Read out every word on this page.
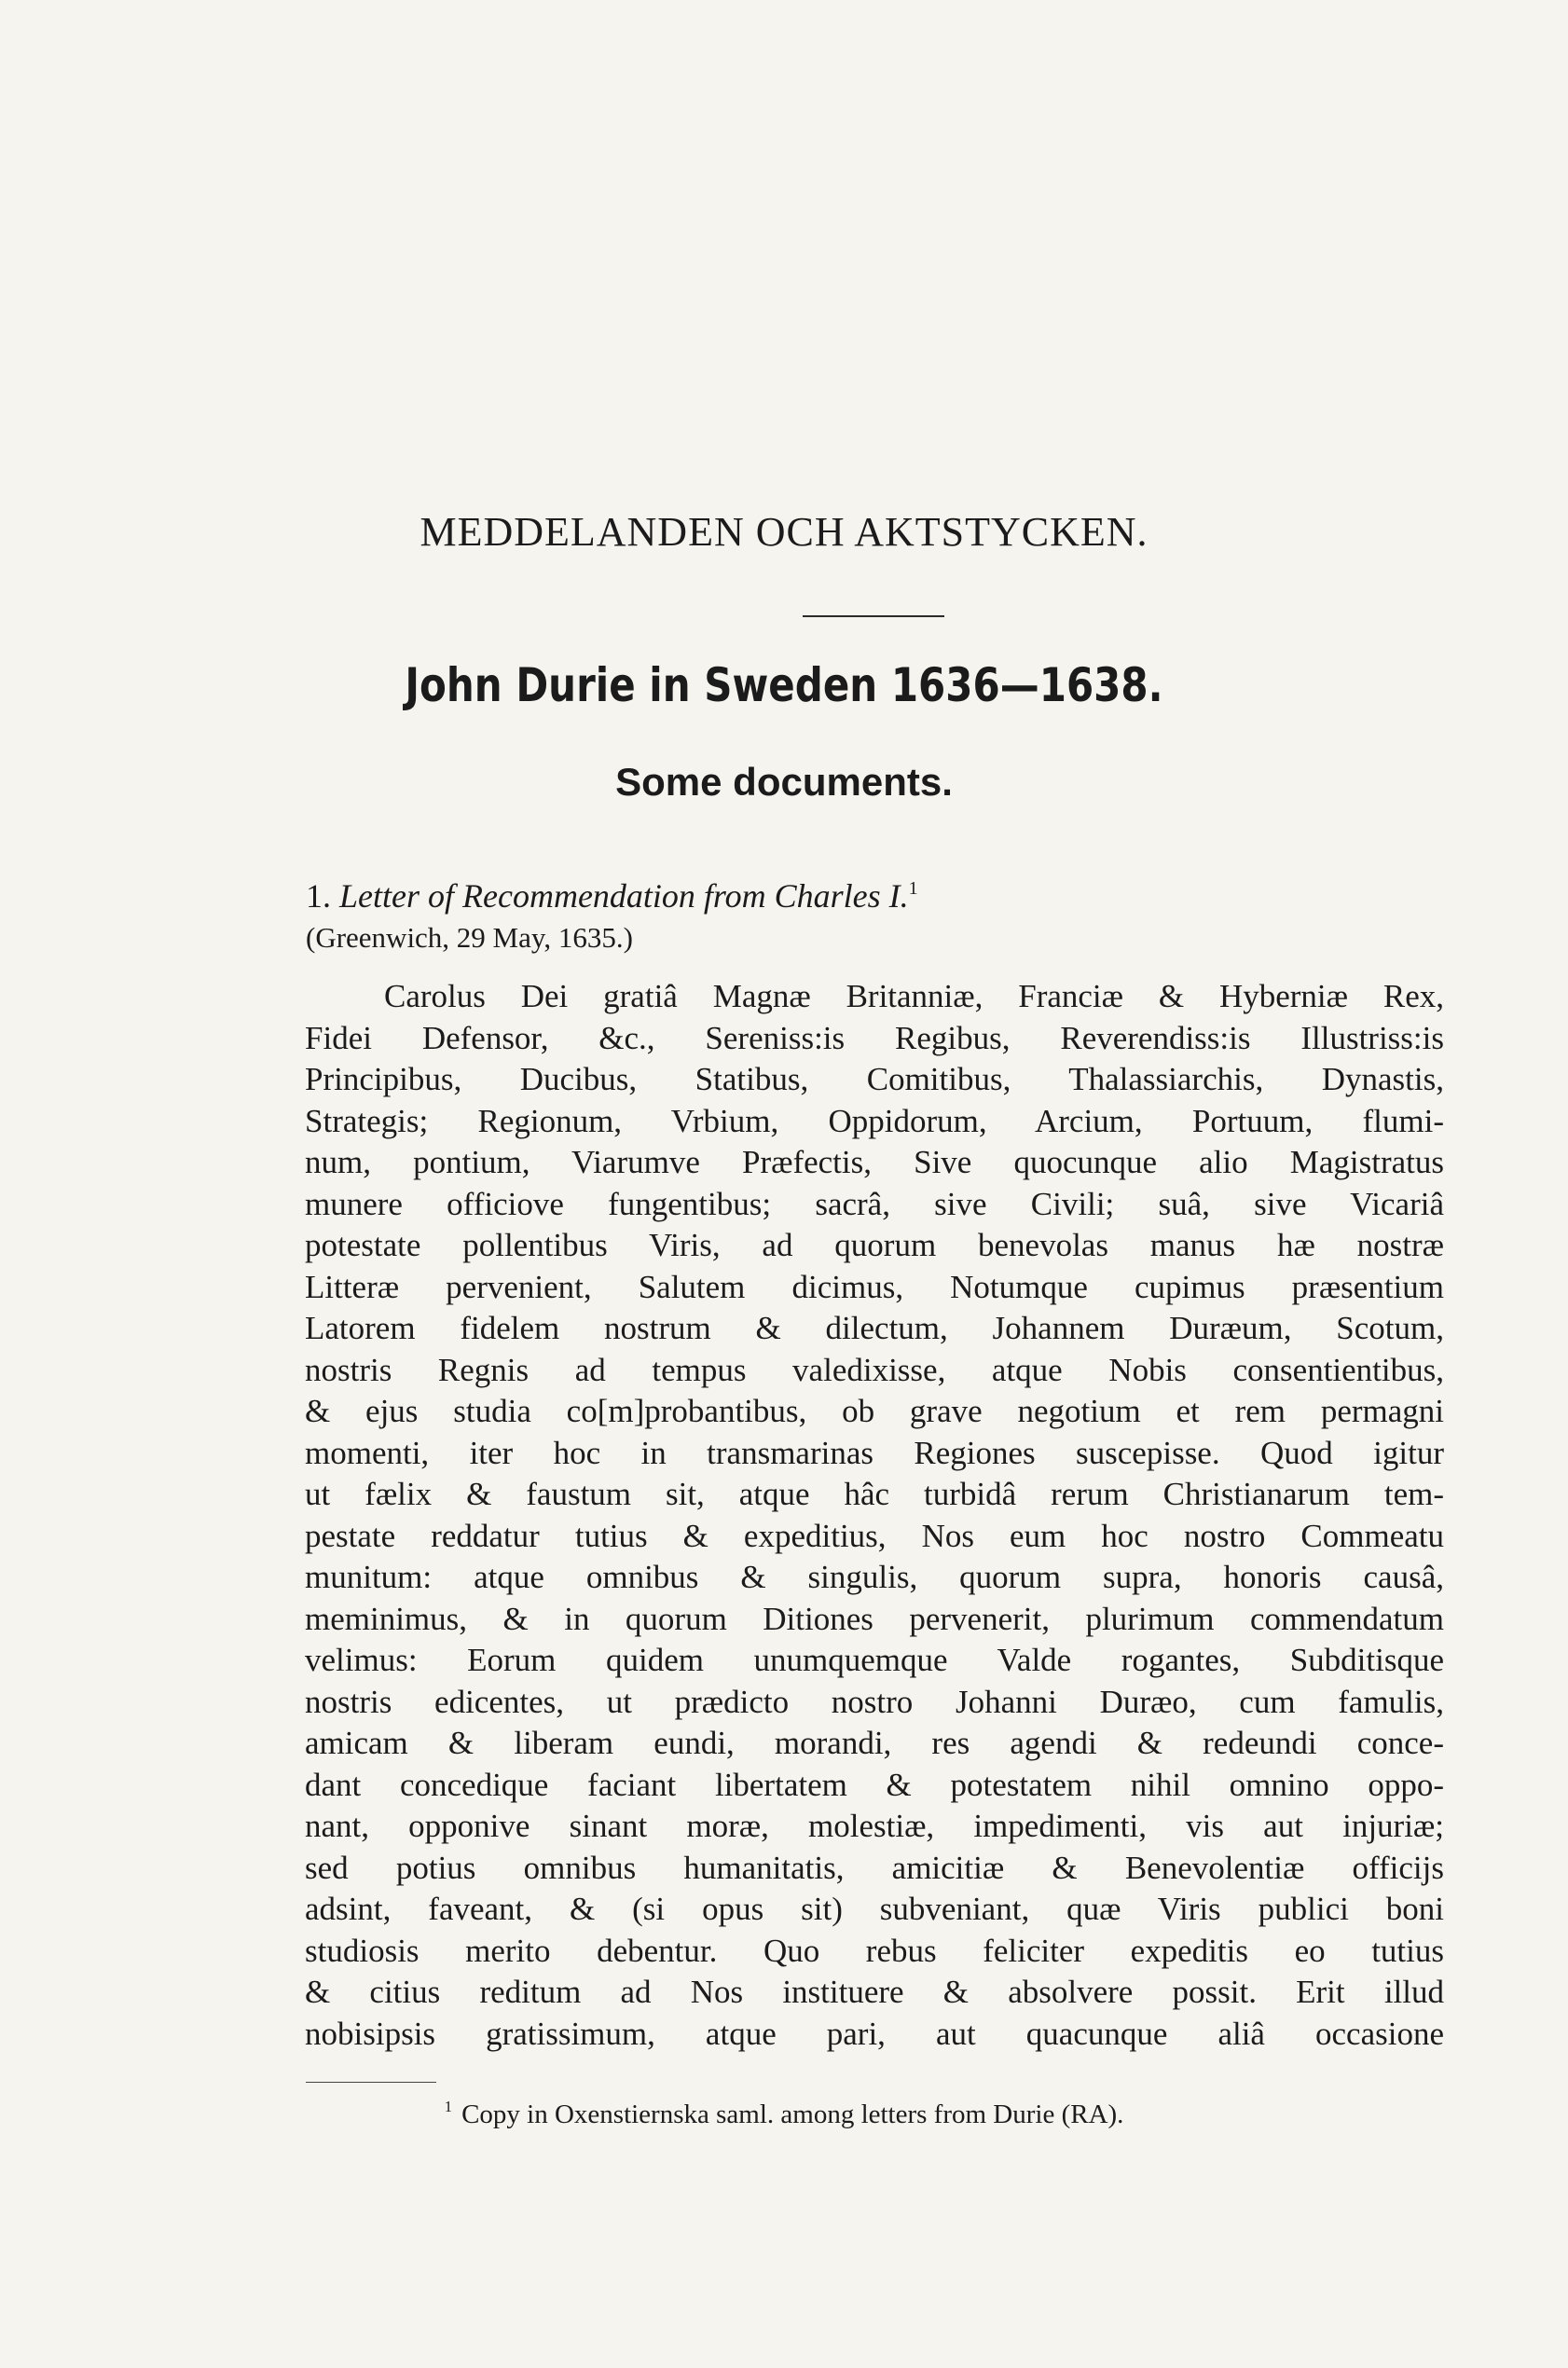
MEDDELANDEN OCH AKTSTYCKEN.
John Durie in Sweden 1636—1638.
Some documents.
1. Letter of Recommendation from Charles I.$^1$
(Greenwich, 29 May, 1635.)
Carolus Dei gratiâ Magnæ Britanniæ, Franciæ & Hyberniæ Rex,
Fidei Defensor, &c., Sereniss:is Regibus, Reverendiss:is Illustriss:is
Principibus, Ducibus, Statibus, Comitibus, Thalassiarchis, Dynastis,
Strategis; Regionum, Vrbium, Oppidorum, Arcium, Portuum, flumi-
num, pontium, Viarumve Præfectis, Sive quocunque alio Magistratus
munere officiove fungentibus; sacrâ, sive Civili; suâ, sive Vicariâ
potestate pollentibus Viris, ad quorum benevolas manus hæ nostræ
Litteræ pervenient, Salutem dicimus, Notumque cupimus præsentium
Latorem fidelem nostrum & dilectum, Johannem Duræum, Scotum,
nostris Regnis ad tempus valedixisse, atque Nobis consentientibus,
& ejus studia co[m]probantibus, ob grave negotium et rem permagni
momenti, iter hoc in transmarinas Regiones suscepisse. Quod igitur
ut fælix & faustum sit, atque hâc turbidâ rerum Christianarum tem-
pestate reddatur tutius & expeditius, Nos eum hoc nostro Commeatu
munitum: atque omnibus & singulis, quorum supra, honoris causâ,
meminimus, & in quorum Ditiones pervenerit, plurimum commendatum
velimus: Eorum quidem unumquemque Valde rogantes, Subditisque
nostris edicentes, ut prædicto nostro Johanni Duræo, cum famulis,
amicam & liberam eundi, morandi, res agendi & redeundi conce-
dant concedique faciant libertatem & potestatem nihil omnino oppo-
nant, opponive sinant moræ, molestiæ, impedimenti, vis aut injuriæ;
sed potius omnibus humanitatis, amicitiæ & Benevolentiæ officijs
adsint, faveant, & (si opus sit) subveniant, quæ Viris publici boni
studiosis merito debentur. Quo rebus feliciter expeditis eo tutius
& citius reditum ad Nos instituere & absolvere possit. Erit illud
nobisipsis gratissimum, atque pari, aut quacunque aliâ occasione
$^1$ Copy in Oxenstiernska saml. among letters from Durie (RA).
